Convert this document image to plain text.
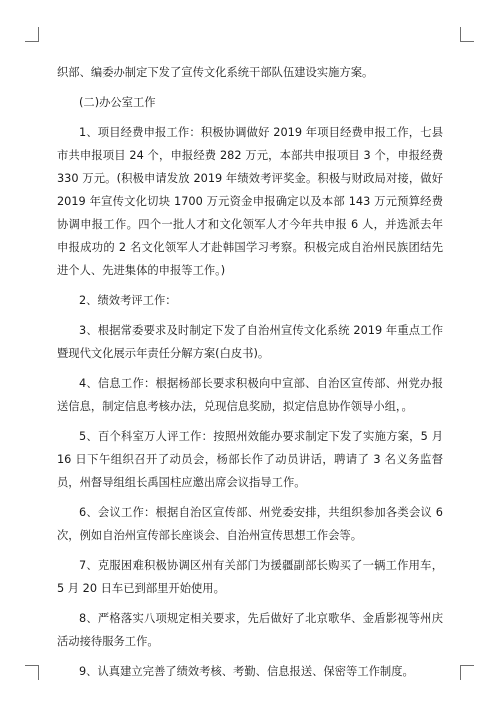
织部、编委办制定下发了宣传文化系统干部队伍建设实施方案。

(二)办公室工作

1、项目经费申报工作：积极协调做好 2019 年项目经费申报工作，七县市共申报项目 24 个，申报经费 282 万元，本部共申报项目 3 个，申报经费 330 万元。(积极申请发放 2019 年绩效考评奖金。积极与财政局对接，做好 2019 年宣传文化切块 1700 万元资金申报确定以及本部 143 万元预算经费协调申报工作。四个一批人才和文化领军人才今年共申报 6 人，并选派去年申报成功的 2 名文化领军人才赴韩国学习考察。积极完成自治州民族团结先进个人、先进集体的申报等工作。)

2、绩效考评工作：

3、根据常委要求及时制定下发了自治州宣传文化系统 2019 年重点工作暨现代文化展示年责任分解方案(白皮书)。

4、信息工作：根据杨部长要求积极向中宣部、自治区宣传部、州党办报送信息，制定信息考核办法，兑现信息奖励，拟定信息协作领导小组，。

5、百个科室万人评工作：按照州效能办要求制定下发了实施方案，5 月 16 日下午组织召开了动员会，杨部长作了动员讲话，聘请了 3 名义务监督员，州督导组组长禹国柱应邀出席会议指导工作。

6、会议工作：根据自治区宣传部、州党委安排，共组织参加各类会议 6 次，例如自治州宣传部长座谈会、自治州宣传思想工作会等。

7、克服困难积极协调区州有关部门为援疆副部长购买了一辆工作用车，5 月 20 日车已到部里开始使用。

8、严格落实八项规定相关要求，先后做好了北京歌华、金盾影视等州庆活动接待服务工作。

9、认真建立完善了绩效考核、考勤、信息报送、保密等工作制度。
